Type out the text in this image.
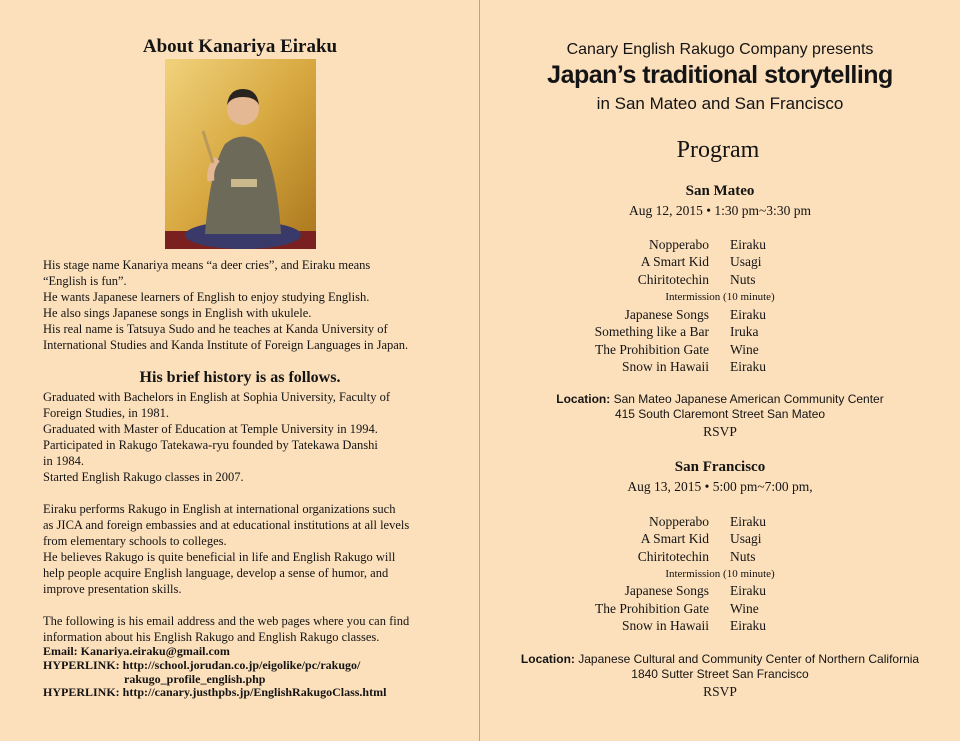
About Kanariya Eiraku
His stage name Kanariya means “a deer cries”, and Eiraku means
“English is fun”.
He wants Japanese learners of English to enjoy studying English.
He also sings Japanese songs in English with ukulele.
His real name is Tatsuya Sudo and he teaches at Kanda University of
International Studies and Kanda Institute of Foreign Languages in Japan.
His brief history is as follows.
Graduated with Bachelors in English at Sophia University, Faculty of
Foreign Studies, in 1981.
Graduated with Master of Education at Temple University in 1994.
Participated in Rakugo Tatekawa-ryu founded by Tatekawa Danshi
in 1984.
Started English Rakugo classes in 2007.
Eiraku performs Rakugo in English at international organizations such
as JICA and foreign embassies and at educational institutions at all levels
from elementary schools to colleges.
He believes Rakugo is quite beneficial in life and English Rakugo will
help people acquire English language, develop a sense of humor, and
improve presentation skills.
The following is his email address and the web pages where you can find
information about his English Rakugo and English Rakugo classes.
Email: Kanariya.eiraku@gmail.com
HYPERLINK: http://school.jorudan.co.jp/eigolike/pc/rakugo/
rakugo_profile_english.php
HYPERLINK: http://canary.justhpbs.jp/EnglishRakugoClass.html
Canary English Rakugo Company presents
Japan’s traditional storytelling
in San Mateo and San Francisco
Program
San Mateo
Aug 12, 2015 • 1:30 pm~3:30 pm
Nopperabo Eiraku
A Smart Kid Usagi
Chiritotechin Nuts
Intermission (10 minute)
Japanese Songs Eiraku
Something like a Bar Iruka
The Prohibition Gate Wine
Snow in Hawaii Eiraku
Location: San Mateo Japanese American Community Center
415 South Claremont Street San Mateo
RSVP
San Francisco
Aug 13, 2015 • 5:00 pm~7:00 pm,
Nopperabo Eiraku
A Smart Kid Usagi
Chiritotechin Nuts
Intermission (10 minute)
Japanese Songs Eiraku
The Prohibition Gate Wine
Snow in Hawaii Eiraku
Location: Japanese Cultural and Community Center of Northern California
1840 Sutter Street San Francisco
RSVP
